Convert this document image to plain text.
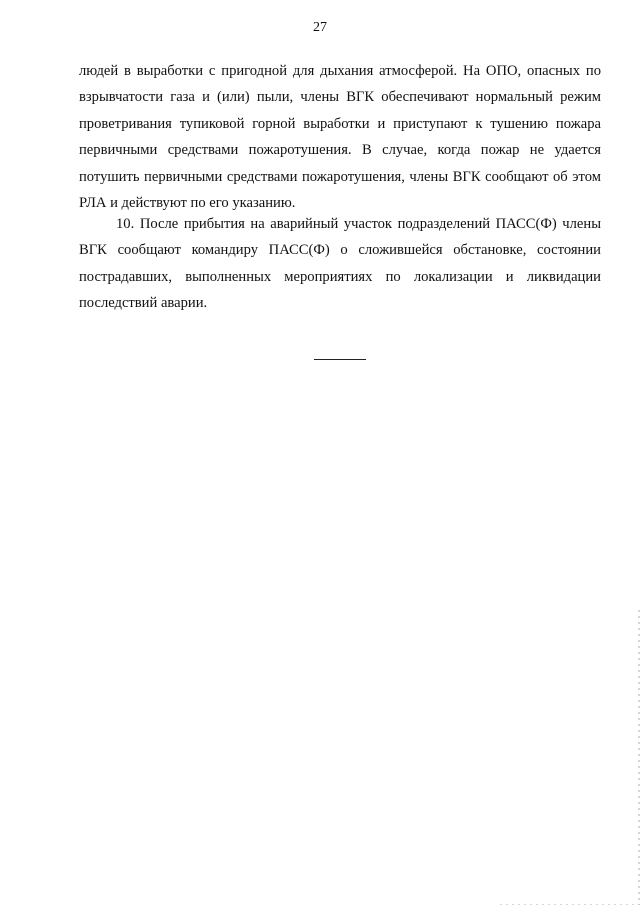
27

людей в выработки с пригодной для дыхания атмосферой. На ОПО, опасных по взрывчатости газа и (или) пыли, члены ВГК обеспечивают нормальный режим проветривания тупиковой горной выработки и приступают к тушению пожара первичными средствами пожаротушения. В случае, когда пожар не удается потушить первичными средствами пожаротушения, члены ВГК сообщают об этом РЛА и действуют по его указанию.

10. После прибытия на аварийный участок подразделений ПАСС(Ф) члены ВГК сообщают командиру ПАСС(Ф) о сложившейся обстановке, состоянии пострадавших, выполненных мероприятиях по локализации и ликвидации последствий аварии.
